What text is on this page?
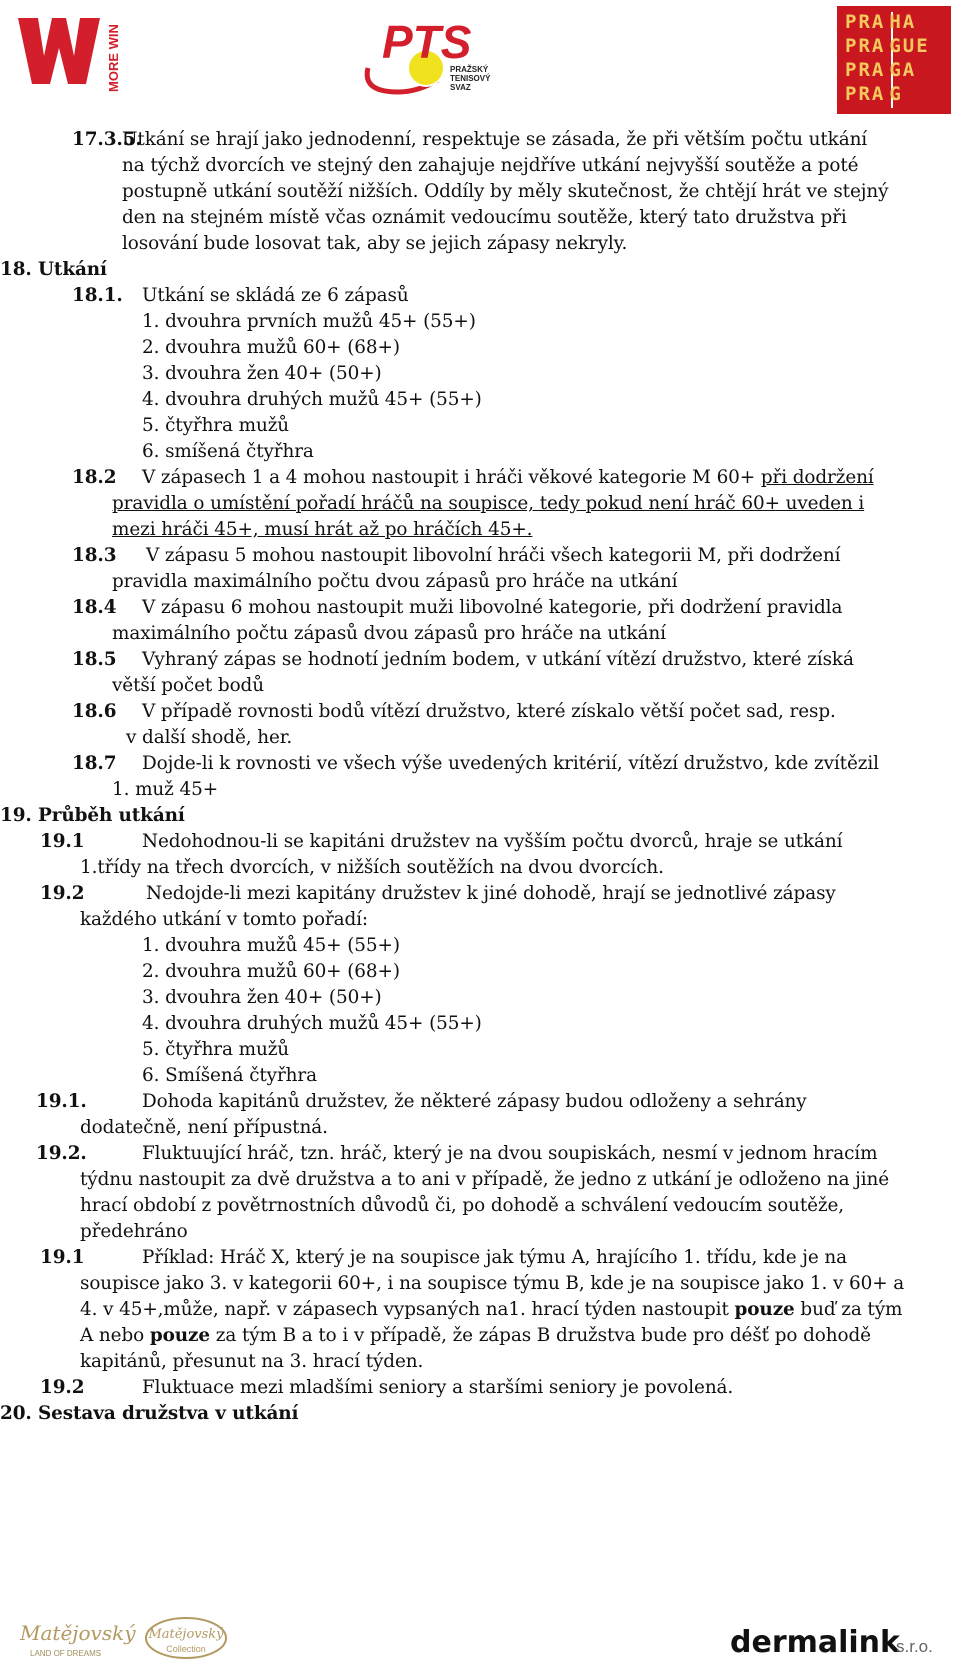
MORE WIN	PTS
PRAŽSKÝ
TENISOVÝ
SVAZ
PRA HA
PRA GUE
PRA GA
PRA G
17.3.5.
Utkání se hrají jako jednodenní, respektuje se zásada, že při větším počtu utkání
na týchž dvorcích ve stejný den zahajuje nejdříve utkání nejvyšší soutěže a poté
postupně utkání soutěží nižších. Oddíly by měly skutečnost, že chtějí hrát ve stejný
den na stejném místě včas oznámit vedoucímu soutěže, který tato družstva při
losování bude losovat tak, aby se jejich zápasy nekryly.
18. Utkání
18.1. Utkání se skládá ze 6 zápasů
1. dvouhra prvních mužů 45+ (55+)
2. dvouhra mužů 60+ (68+)
3. dvouhra žen 40+ (50+)
4. dvouhra druhých mužů 45+ (55+)
5. čtyřhra mužů
6. smíšená čtyřhra
18.2 V zápasech 1 a 4 mohou nastoupit i hráči věkové kategorie M 60+ při dodržení
pravidla o umístění pořadí hráčů na soupisce, tedy pokud není hráč 60+ uveden i
mezi hráči 45+, musí hrát až po hráčích 45+.
18.3 V zápasu 5 mohou nastoupit libovolní hráči všech kategorii M, při dodržení
pravidla maximálního počtu dvou zápasů pro hráče na utkání
18.4 V zápasu 6 mohou nastoupit muži libovolné kategorie, při dodržení pravidla
maximálního počtu zápasů dvou zápasů pro hráče na utkání
18.5 Vyhraný zápas se hodnotí jedním bodem, v utkání vítězí družstvo, které získá
větší počet bodů
18.6 V případě rovnosti bodů vítězí družstvo, které získalo větší počet sad, resp.
v další shodě, her.
18.7 Dojde-li k rovnosti ve všech výše uvedených kritérií, vítězí družstvo, kde zvítězil
1. muž 45+
19. Průběh utkání
19.1	Nedohodnou-li se kapitáni družstev na vyšším počtu dvorců, hraje se utkání
1.třídy na třech dvorcích, v nižších soutěžích na dvou dvorcích.
19.2	Nedojde-li mezi kapitány družstev k jiné dohodě, hrají se jednotlivé zápasy
každého utkání v tomto pořadí:
1. dvouhra mužů 45+ (55+)
2. dvouhra mužů 60+ (68+)
3. dvouhra žen 40+ (50+)
4. dvouhra druhých mužů 45+ (55+)
5. čtyřhra mužů
6. Smíšená čtyřhra
19.1.	Dohoda kapitánů družstev, že některé zápasy budou odloženy a sehrány
dodatečně, není přípustná.
19.2.	Fluktuující hráč, tzn. hráč, který je na dvou soupiskách, nesmí v jednom hracím
týdnu nastoupit za dvě družstva a to ani v případě, že jedno z utkání je odloženo na jiné
hrací období z povětrnostních důvodů či, po dohodě a schválení vedoucím soutěže,
předehráno
19.1	Příklad: Hráč X, který je na soupisce jak týmu A, hrajícího 1. třídu, kde je na
soupisce jako 3. v kategorii 60+, i na soupisce týmu B, kde je na soupisce jako 1. v 60+ a
4. v 45+,může, např. v zápasech vypsaných na1. hrací týden nastoupit pouze buď za tým
A nebo pouze za tým B a to i v případě, že zápas B družstva bude pro déšť po dohodě
kapitánů, přesunut na 3. hrací týden.
19.2	Fluktuace mezi mladšími seniory a staršími seniory je povolená.
20. Sestava družstva v utkání
Matějovský
LAND OF DREAMS
Matějovský
Collection	dermalink
s.r.o.
